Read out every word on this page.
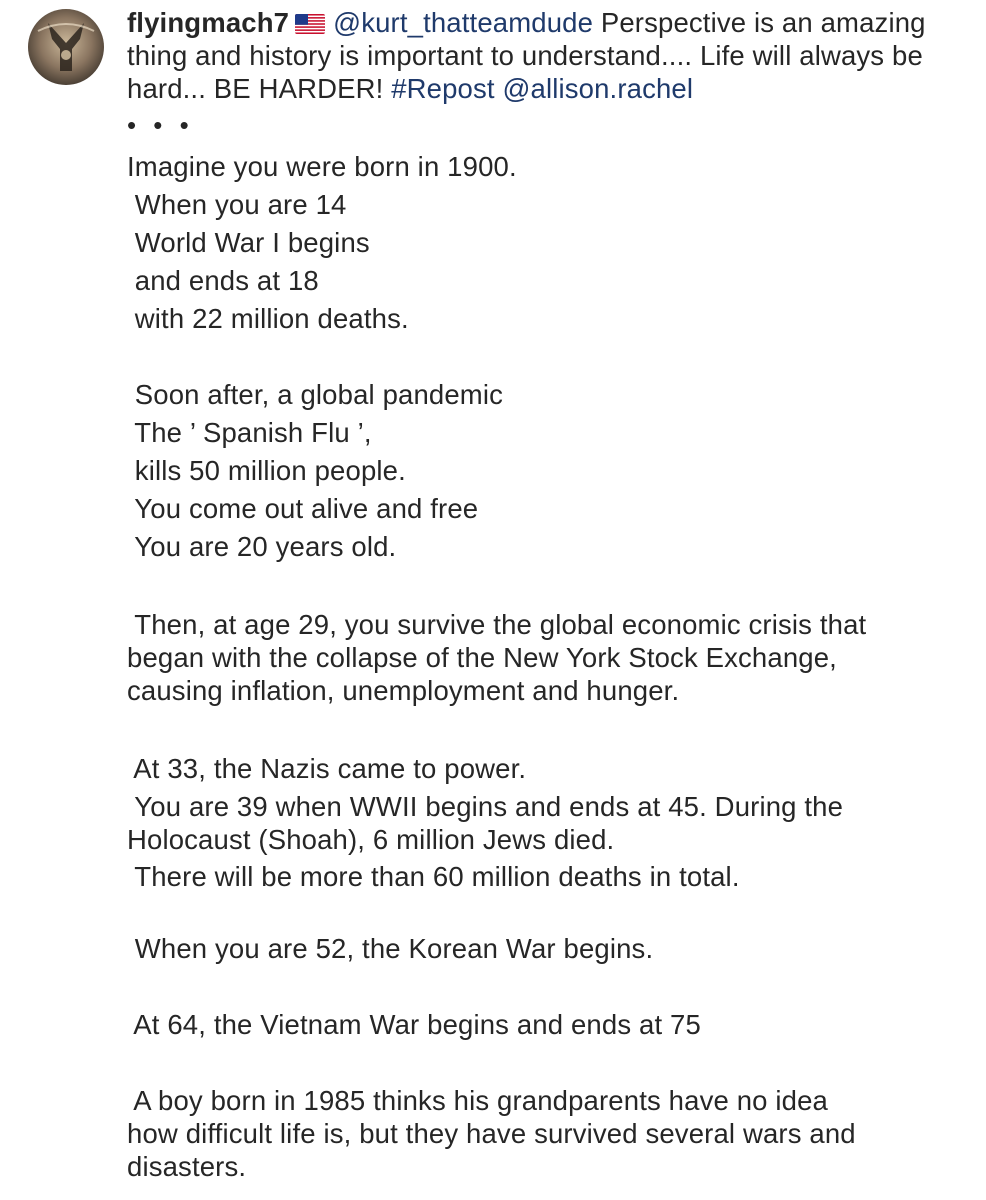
flyingmach7 @kurt_thatteamdude Perspective is an amazing thing and history is important to understand.... Life will always be hard... BE HARDER! #Repost @allison.rachel
• • •
Imagine you were born in 1900.
When you are 14
World War I begins
and ends at 18
with 22 million deaths.
Soon after, a global pandemic
The ’ Spanish Flu ’,
kills 50 million people.
You come out alive and free
You are 20 years old.
Then, at age 29, you survive the global economic crisis that
began with the collapse of the New York Stock Exchange,
causing inflation, unemployment and hunger.
At 33, the Nazis came to power.
You are 39 when WWII begins and ends at 45. During the
Holocaust (Shoah), 6 million Jews died.
There will be more than 60 million deaths in total.
When you are 52, the Korean War begins.
At 64, the Vietnam War begins and ends at 75
A boy born in 1985 thinks his grandparents have no idea
how difficult life is, but they have survived several wars and
disasters.
